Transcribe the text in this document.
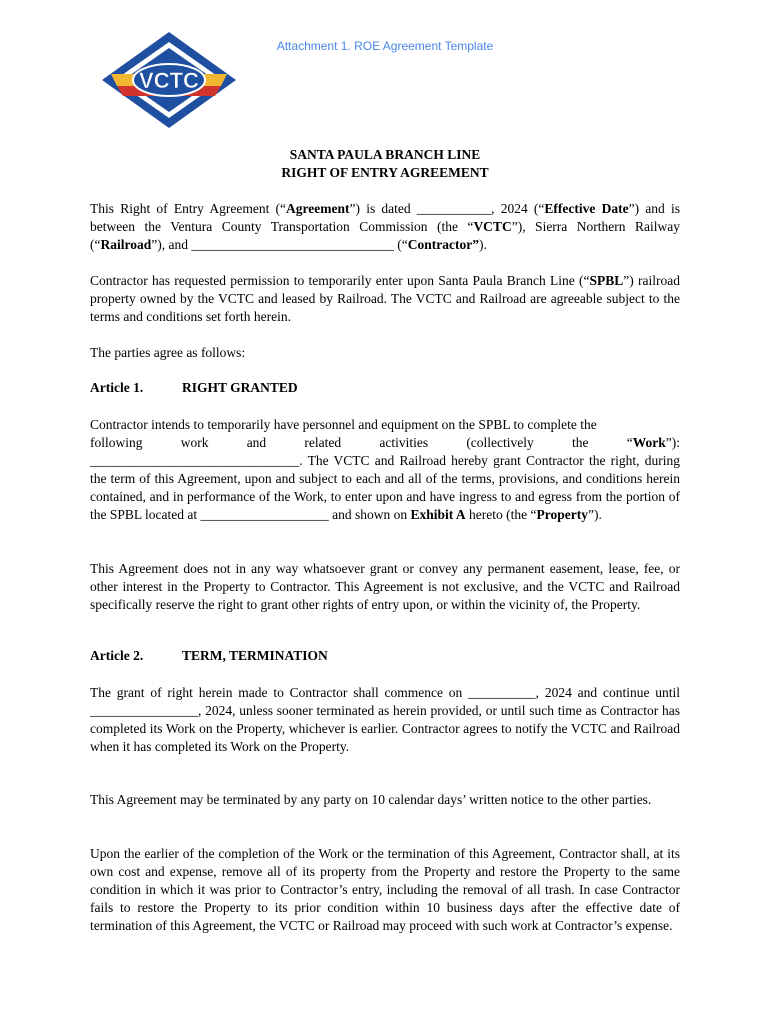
Attachment 1. ROE Agreement Template
VCTC
SANTA PAULA BRANCH LINE
RIGHT OF ENTRY AGREEMENT

This Right of Entry Agreement (“Agreement”) is dated ___________, 2024 (“Effective Date”) and is between the Ventura County Transportation Commission (the “VCTC”), Sierra Northern Railway (“Railroad”), and ______________________________ (“Contractor”).

Contractor has requested permission to temporarily enter upon Santa Paula Branch Line (“SPBL”) railroad property owned by the VCTC and leased by Railroad. The VCTC and Railroad are agreeable subject to the terms and conditions set forth herein.

The parties agree as follows:

Article 1.	RIGHT GRANTED

Contractor intends to temporarily have personnel and equipment on the SPBL to complete the

following	work	and	related	activities	(collectively	the	“Work”):

_______________________________. The VCTC and Railroad hereby grant Contractor the right, during the term of this Agreement, upon and subject to each and all of the terms, provisions, and conditions herein contained, and in performance of the Work, to enter upon and have ingress to and egress from the portion of the SPBL located at ___________________ and shown on Exhibit A hereto (the “Property”).

This Agreement does not in any way whatsoever grant or convey any permanent easement, lease, fee, or other interest in the Property to Contractor. This Agreement is not exclusive, and the VCTC and Railroad specifically reserve the right to grant other rights of entry upon, or within the vicinity of, the Property.

Article 2.	TERM, TERMINATION

The grant of right herein made to Contractor shall commence on __________, 2024 and continue until ________________, 2024, unless sooner terminated as herein provided, or until such time as Contractor has completed its Work on the Property, whichever is earlier. Contractor agrees to notify the VCTC and Railroad when it has completed its Work on the Property.

This Agreement may be terminated by any party on 10 calendar days’ written notice to the other parties.

Upon the earlier of the completion of the Work or the termination of this Agreement, Contractor shall, at its own cost and expense, remove all of its property from the Property and restore the Property to the same condition in which it was prior to Contractor’s entry, including the removal of all trash. In case Contractor fails to restore the Property to its prior condition within 10 business days after the effective date of termination of this Agreement, the VCTC or Railroad may proceed with such work at Contractor’s expense.
